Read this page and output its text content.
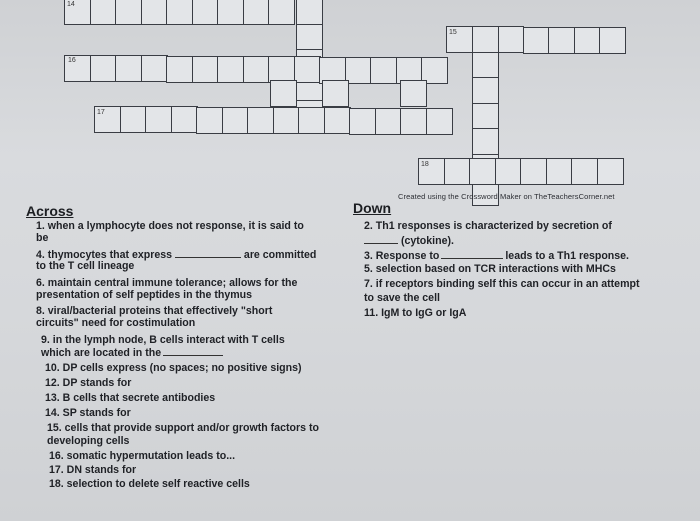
14
15
16
17
18
Created using the Crossword Maker on TheTeachersCorner.net
Across
1. when a lymphocyte does not response, it is said to
be
4. thymocytes that express	are committed
to the T cell lineage
6. maintain central immune tolerance; allows for the
presentation of self peptides in the thymus
8. viral/bacterial proteins that effectively "short
circuits" need for costimulation
9. in the lymph node, B cells interact with T cells
which are located in the
10. DP cells express (no spaces; no positive signs)
12. DP stands for
13. B cells that secrete antibodies
14. SP stands for
15. cells that provide support and/or growth factors to
developing cells
16. somatic hypermutation leads to...
17. DN stands for
18. selection to delete self reactive cells
Down
2. Th1 responses is characterized by secretion of
(cytokine).
3. Response to	leads to a Th1 response.
5. selection based on TCR interactions with MHCs
7. if receptors binding self this can occur in an attempt
to save the cell
11. IgM to IgG or IgA
